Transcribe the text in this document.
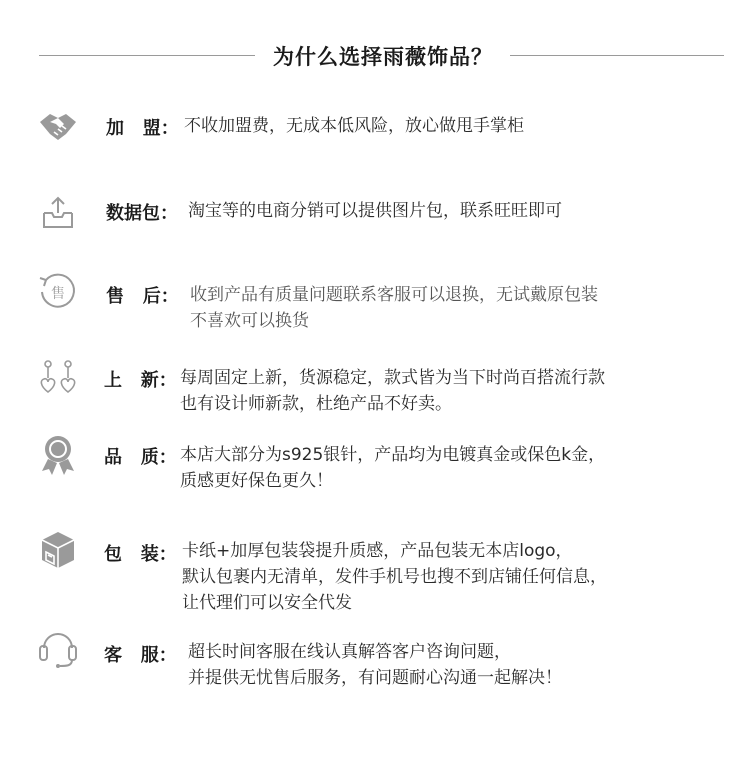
为什么选择雨薇饰品？
加   盟： 不收加盟费，无成本低风险，放心做甩手掌柜
数据包： 淘宝等的电商分销可以提供图片包，联系旺旺即可
售 售   后： 收到产品有质量问题联系客服可以退换，无试戴原包装
不喜欢可以换货
上   新： 每周固定上新，货源稳定，款式皆为当下时尚百搭流行款
也有设计师新款，杜绝产品不好卖。
品   质： 本店大部分为s925银针，产品均为电镀真金或保色k金，
质感更好保色更久！
包   装： 卡纸+加厚包装袋提升质感，产品包装无本店logo，
默认包裹内无清单，发件手机号也搜不到店铺任何信息，
让代理们可以安全代发
客   服： 超长时间客服在线认真解答客户咨询问题，
并提供无忧售后服务，有问题耐心沟通一起解决！
